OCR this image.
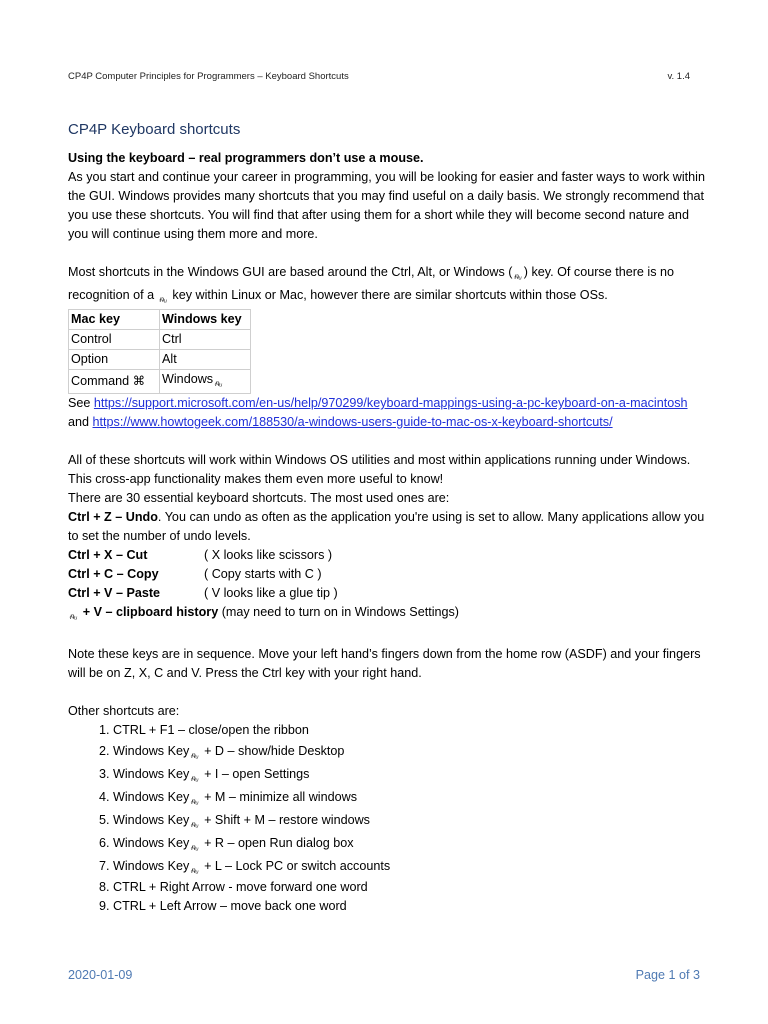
CP4P Computer Principles for Programmers – Keyboard Shortcuts	v. 1.4
CP4P Keyboard shortcuts

Using the keyboard – real programmers don’t use a mouse.

As you start and continue your career in programming, you will be looking for easier and faster ways to work within the GUI. Windows provides many shortcuts that you may find useful on a daily basis. We strongly recommend that you use these shortcuts. You will find that after using them for a short while they will become second nature and you will continue using them more and more.

Most shortcuts in the Windows GUI are based around the Ctrl, Alt, or Windows ( ᵰᵤ ) key. Of course there is no recognition of a ᵰᵤ key within Linux or Mac, however there are similar shortcuts within those OSs.

Mac key	Windows key
Control	Ctrl
Option	Alt
Command ⌘	Windows ᵰᵤ

See https://support.microsoft.com/en-us/help/970299/keyboard-mappings-using-a-pc-keyboard-on-a-macintosh and https://www.howtogeek.com/188530/a-windows-users-guide-to-mac-os-x-keyboard-shortcuts/

All of these shortcuts will work within Windows OS utilities and most within applications running under Windows. This cross-app functionality makes them even more useful to know!

There are 30 essential keyboard shortcuts. The most used ones are:

Ctrl + Z – Undo. You can undo as often as the application you're using is set to allow. Many applications allow you to set the number of undo levels.

Ctrl + X – Cut	( X looks like scissors )
Ctrl + C – Copy	( Copy starts with C )
Ctrl + V – Paste	( V looks like a glue tip )

ᵰᵤ + V – clipboard history (may need to turn on in Windows Settings)

Note these keys are in sequence. Move your left hand’s fingers down from the home row (ASDF) and your fingers will be on Z, X, C and V. Press the Ctrl key with your right hand.

Other shortcuts are:

1. CTRL + F1 – close/open the ribbon
2. Windows Key ᵰᵤ + D – show/hide Desktop
3. Windows Key ᵰᵤ + I – open Settings
4. Windows Key ᵰᵤ + M – minimize all windows
5. Windows Key ᵰᵤ + Shift + M – restore windows
6. Windows Key ᵰᵤ + R – open Run dialog box
7. Windows Key ᵰᵤ + L – Lock PC or switch accounts
8. CTRL + Right Arrow - move forward one word
9. CTRL + Left Arrow – move back one word
2020-01-09	Page 1 of 3
